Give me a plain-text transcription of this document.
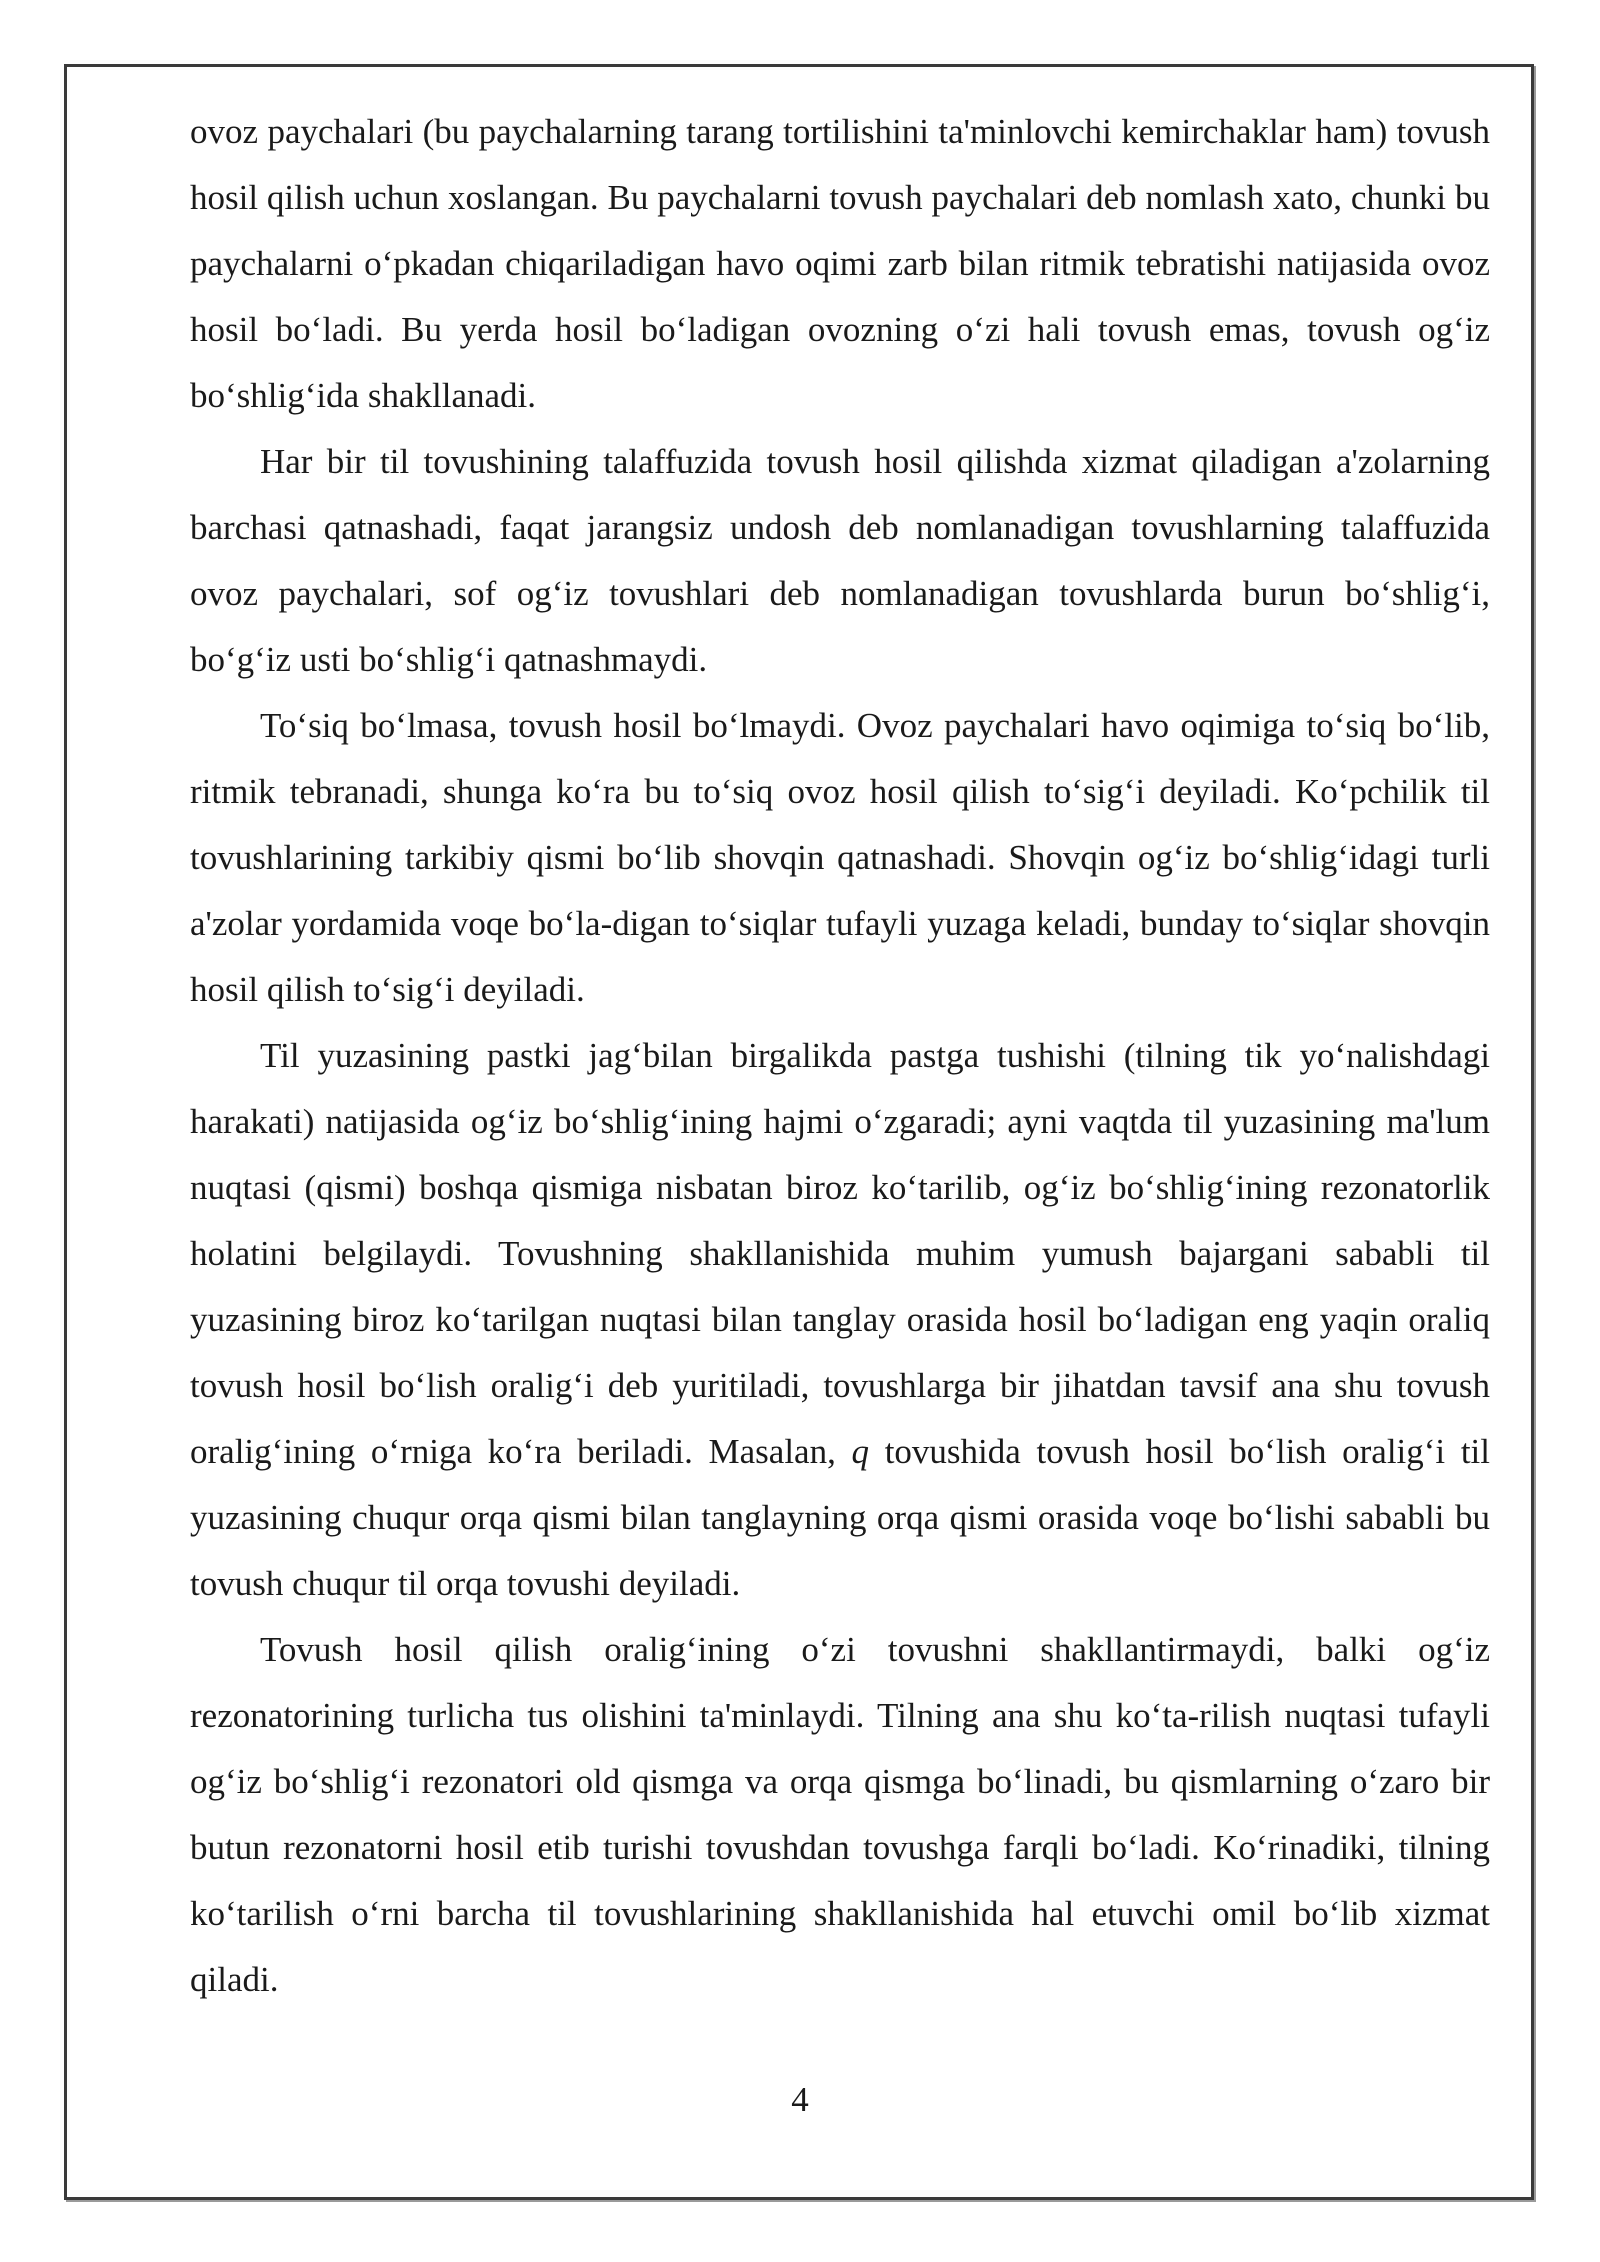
ovoz paychalari (bu paychalarning tarang tortilishini ta'minlovchi kemirchaklar ham) tovush hosil qilish uchun xoslangan. Bu paychalarni tovush paychalari deb nomlash xato, chunki bu paychalarni o‘pkadan chiqariladigan havo oqimi zarb bilan ritmik tebratishi natijasida ovoz hosil bo‘ladi. Bu yerda hosil bo‘ladigan ovozning o‘zi hali tovush emas, tovush og‘iz bo‘shlig‘ida shakllanadi.

Har bir til tovushining talaffuzida tovush hosil qilishda xizmat qiladigan a'zolarning barchasi qatnashadi, faqat jarangsiz undosh deb nomlanadigan tovushlarning talaffuzida ovoz paychalari, sof og‘iz tovushlari deb nomlanadigan tovushlarda burun bo‘shlig‘i, bo‘g‘iz usti bo‘shlig‘i qatnashmaydi.

To‘siq bo‘lmasa, tovush hosil bo‘lmaydi. Ovoz paychalari havo oqimiga to‘siq bo‘lib, ritmik tebranadi, shunga ko‘ra bu to‘siq ovoz hosil qilish to‘sig‘i deyiladi. Ko‘pchilik til tovushlarining tarkibiy qismi bo‘lib shovqin qatnashadi. Shovqin og‘iz bo‘shlig‘idagi turli a'zolar yordamida voqe bo‘la-digan to‘siqlar tufayli yuzaga keladi, bunday to‘siqlar shovqin hosil qilish to‘sig‘i deyiladi.

Til yuzasining pastki jag‘bilan birgalikda pastga tushishi (tilning tik yo‘nalishdagi harakati) natijasida og‘iz bo‘shlig‘ining hajmi o‘zgaradi; ayni vaqtda til yuzasining ma'lum nuqtasi (qismi) boshqa qismiga nisbatan biroz ko‘tarilib, og‘iz bo‘shlig‘ining rezonatorlik holatini belgilaydi. Tovushning shakllanishida muhim yumush bajargani sababli til yuzasining biroz ko‘tarilgan nuqtasi bilan tanglay orasida hosil bo‘ladigan eng yaqin oraliq tovush hosil bo‘lish oralig‘i deb yuritiladi, tovushlarga bir jihatdan tavsif ana shu tovush oralig‘ining o‘rniga ko‘ra beriladi. Masalan, q tovushida tovush hosil bo‘lish oralig‘i til yuzasining chuqur orqa qismi bilan tanglayning orqa qismi orasida voqe bo‘lishi sababli bu tovush chuqur til orqa tovushi deyiladi.

Tovush hosil qilish oralig‘ining o‘zi tovushni shakllantirmaydi, balki og‘iz rezonatorining turlicha tus olishini ta'minlaydi. Tilning ana shu ko‘ta-rilish nuqtasi tufayli og‘iz bo‘shlig‘i rezonatori old qismga va orqa qismga bo‘linadi, bu qismlarning o‘zaro bir butun rezonatorni hosil etib turishi tovushdan tovushga farqli bo‘ladi. Ko‘rinadiki, tilning ko‘tarilish o‘rni barcha til tovushlarining shakllanishida hal etuvchi omil bo‘lib xizmat qiladi.

4
